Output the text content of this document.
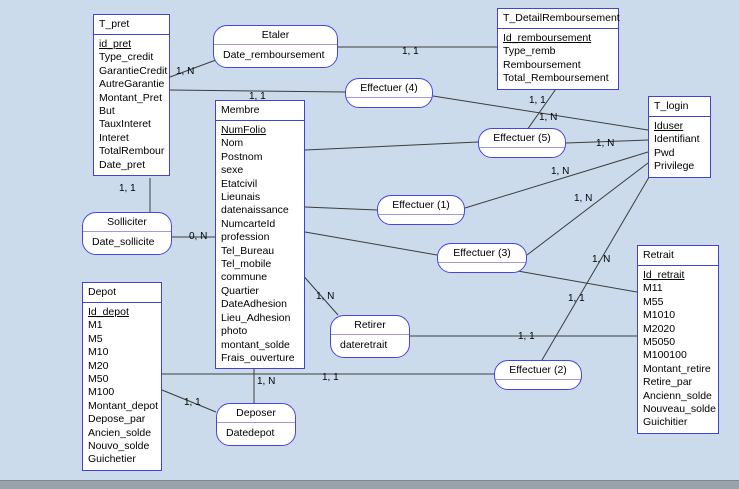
T_pret
id_pret
Type_credit
GarantieCredit
AutreGarantie
Montant_Pret
But
TauxInteret
Interet
TotalRembour
Date_pret
T_DetailRemboursement
Id_remboursement
Type_remb
Remboursement
Total_Remboursement
T_login
Iduser
Identifiant
Pwd
Privilege
Membre
NumFolio
Nom
Postnom
sexe
Etatcivil
Lieunais
datenaissance
NumcarteId
profession
Tel_Bureau
Tel_mobile
commune
Quartier
DateAdhesion
Lieu_Adhesion
photo
montant_solde
Frais_ouverture
Depot
Id_depot
M1
M5
M10
M20
M50
M100
Montant_depot
Depose_par
Ancien_solde
Nouvo_solde
Guichetier
Retrait
Id_retrait
M11
M55
M1010
M2020
M5050
M100100
Montant_retire
Retire_par
Ancienn_solde
Nouveau_solde
Guichitier
Etaler
Date_remboursement
Solliciter
Date_sollicite
Retirer
dateretrait
Deposer
Datedepot
Effectuer (4)
Effectuer (5)
Effectuer (1)
Effectuer (3)
Effectuer (2)
1, N
1, 1
1, 1
1, 1
1, N
1, N
1, N
1, N
1, N
1, 1
1, N
1, 1
1, N	1, 1
1, 1
1, 1
0, N
